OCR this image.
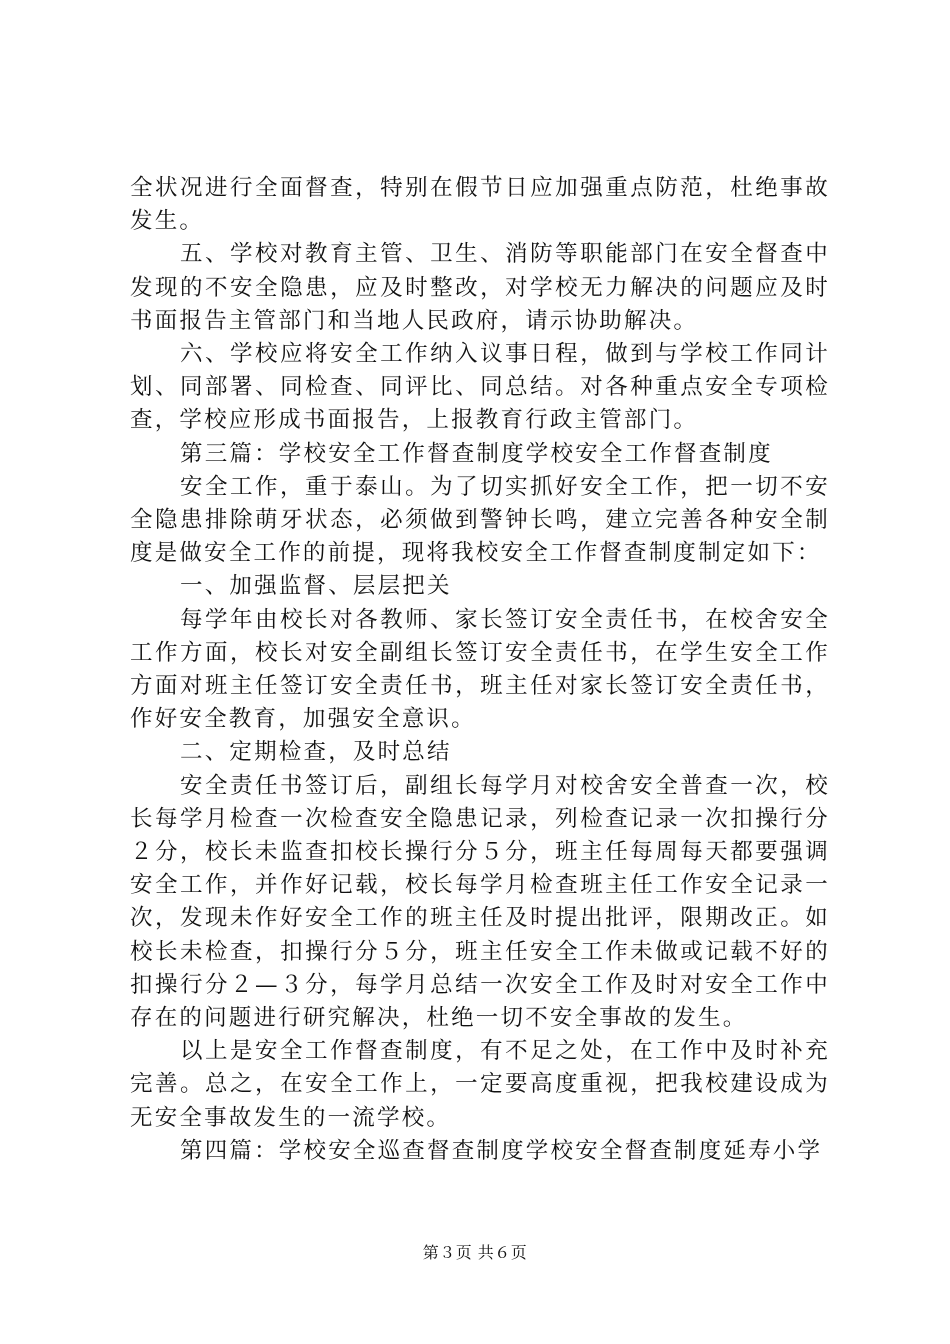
全状况进行全面督查，特别在假节日应加强重点防范，杜绝事故发生。

五、学校对教育主管、卫生、消防等职能部门在安全督查中发现的不安全隐患，应及时整改，对学校无力解决的问题应及时书面报告主管部门和当地人民政府，请示协助解决。

六、学校应将安全工作纳入议事日程，做到与学校工作同计划、同部署、同检查、同评比、同总结。对各种重点安全专项检查，学校应形成书面报告，上报教育行政主管部门。

第三篇：学校安全工作督查制度学校安全工作督查制度

安全工作，重于泰山。为了切实抓好安全工作，把一切不安全隐患排除萌牙状态，必须做到警钟长鸣，建立完善各种安全制度是做安全工作的前提，现将我校安全工作督查制度制定如下：

一、加强监督、层层把关

每学年由校长对各教师、家长签订安全责任书，在校舍安全工作方面，校长对安全副组长签订安全责任书，在学生安全工作方面对班主任签订安全责任书，班主任对家长签订安全责任书，作好安全教育，加强安全意识。

二、定期检查，及时总结

安全责任书签订后，副组长每学月对校舍安全普查一次，校长每学月检查一次检查安全隐患记录，列检查记录一次扣操行分２分，校长未监查扣校长操行分５分，班主任每周每天都要强调安全工作，并作好记载，校长每学月检查班主任工作安全记录一次，发现未作好安全工作的班主任及时提出批评，限期改正。如校长未检查，扣操行分５分，班主任安全工作未做或记载不好的扣操行分２—３分，每学月总结一次安全工作及时对安全工作中存在的问题进行研究解决，杜绝一切不安全事故的发生。

以上是安全工作督查制度，有不足之处，在工作中及时补充完善。总之，在安全工作上，一定要高度重视，把我校建设成为无安全事故发生的一流学校。

第四篇：学校安全巡查督查制度学校安全督查制度延寿小学

第３页 共６页
